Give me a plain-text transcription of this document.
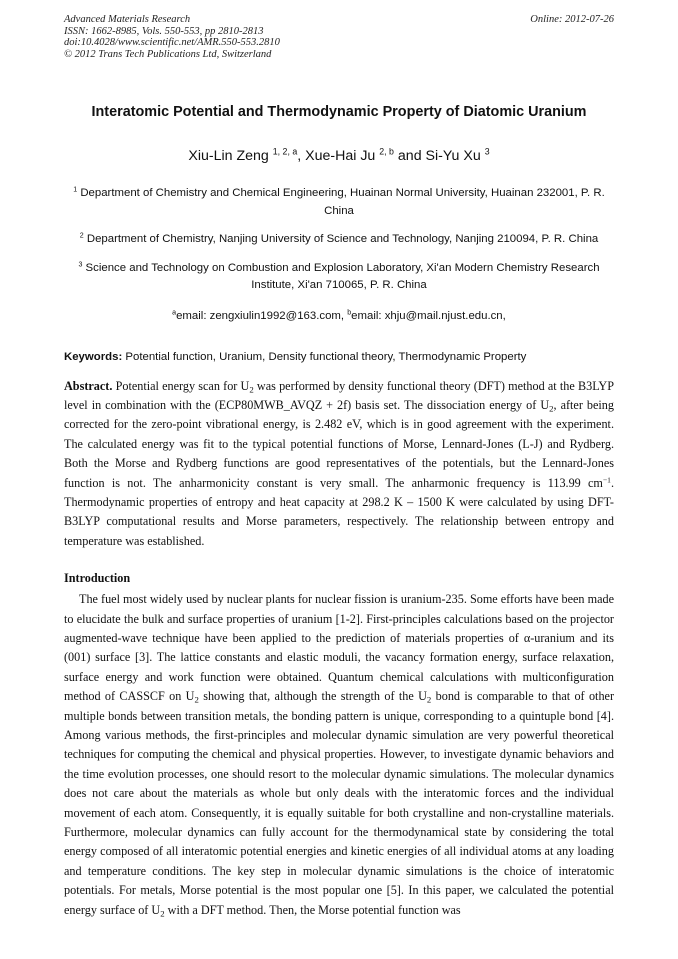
Advanced Materials Research
ISSN: 1662-8985, Vols. 550-553, pp 2810-2813
doi:10.4028/www.scientific.net/AMR.550-553.2810
© 2012 Trans Tech Publications Ltd, Switzerland
Online: 2012-07-26
Interatomic Potential and Thermodynamic Property of Diatomic Uranium
Xiu-Lin Zeng $^{1, 2, a}$, Xue-Hai Ju $^{2, b}$ and Si-Yu Xu $^3$

$^1$ Department of Chemistry and Chemical Engineering, Huainan Normal University, Huainan 232001, P. R. China

$^2$ Department of Chemistry, Nanjing University of Science and Technology, Nanjing 210094, P. R. China

$^3$ Science and Technology on Combustion and Explosion Laboratory, Xi'an Modern Chemistry Research Institute, Xi'an 710065, P. R. China

$^a$email: zengxiulin1992@163.com, $^b$email: xhju@mail.njust.edu.cn,
Keywords: Potential function, Uranium, Density functional theory, Thermodynamic Property

Abstract. Potential energy scan for $U_2$ was performed by density functional theory (DFT) method at the B3LYP level in combination with the (ECP80MWB_AVQZ + 2f) basis set. The dissociation energy of $U_2$, after being corrected for the zero-point vibrational energy, is 2.482 eV, which is in good agreement with the experiment. The calculated energy was fit to the typical potential functions of Morse, Lennard-Jones (L-J) and Rydberg. Both the Morse and Rydberg functions are good representatives of the potentials, but the Lennard-Jones function is not. The anharmonicity constant is very small. The anharmonic frequency is 113.99 $cm^{-1}$. Thermodynamic properties of entropy and heat capacity at 298.2 K – 1500 K were calculated by using DFT-B3LYP computational results and Morse parameters, respectively. The relationship between entropy and temperature was established.

Introduction

The fuel most widely used by nuclear plants for nuclear fission is uranium-235. Some efforts have been made to elucidate the bulk and surface properties of uranium [1-2]. First-principles calculations based on the projector augmented-wave technique have been applied to the prediction of materials properties of α-uranium and its (001) surface [3]. The lattice constants and elastic moduli, the vacancy formation energy, surface relaxation, surface energy and work function were obtained. Quantum chemical calculations with multiconfiguration method of CASSCF on $U_2$ showing that, although the strength of the $U_2$ bond is comparable to that of other multiple bonds between transition metals, the bonding pattern is unique, corresponding to a quintuple bond [4]. Among various methods, the first-principles and molecular dynamic simulation are very powerful theoretical techniques for computing the chemical and physical properties. However, to investigate dynamic behaviors and the time evolution processes, one should resort to the molecular dynamic simulations. The molecular dynamics does not care about the materials as whole but only deals with the interatomic forces and the individual movement of each atom. Consequently, it is equally suitable for both crystalline and non-crystalline materials. Furthermore, molecular dynamics can fully account for the thermodynamical state by considering the total energy composed of all interatomic potential energies and kinetic energies of all individual atoms at any loading and temperature conditions. The key step in molecular dynamic simulations is the choice of interatomic potentials. For metals, Morse potential is the most popular one [5]. In this paper, we calculated the potential energy surface of $U_2$ with a DFT method. Then, the Morse potential function was
